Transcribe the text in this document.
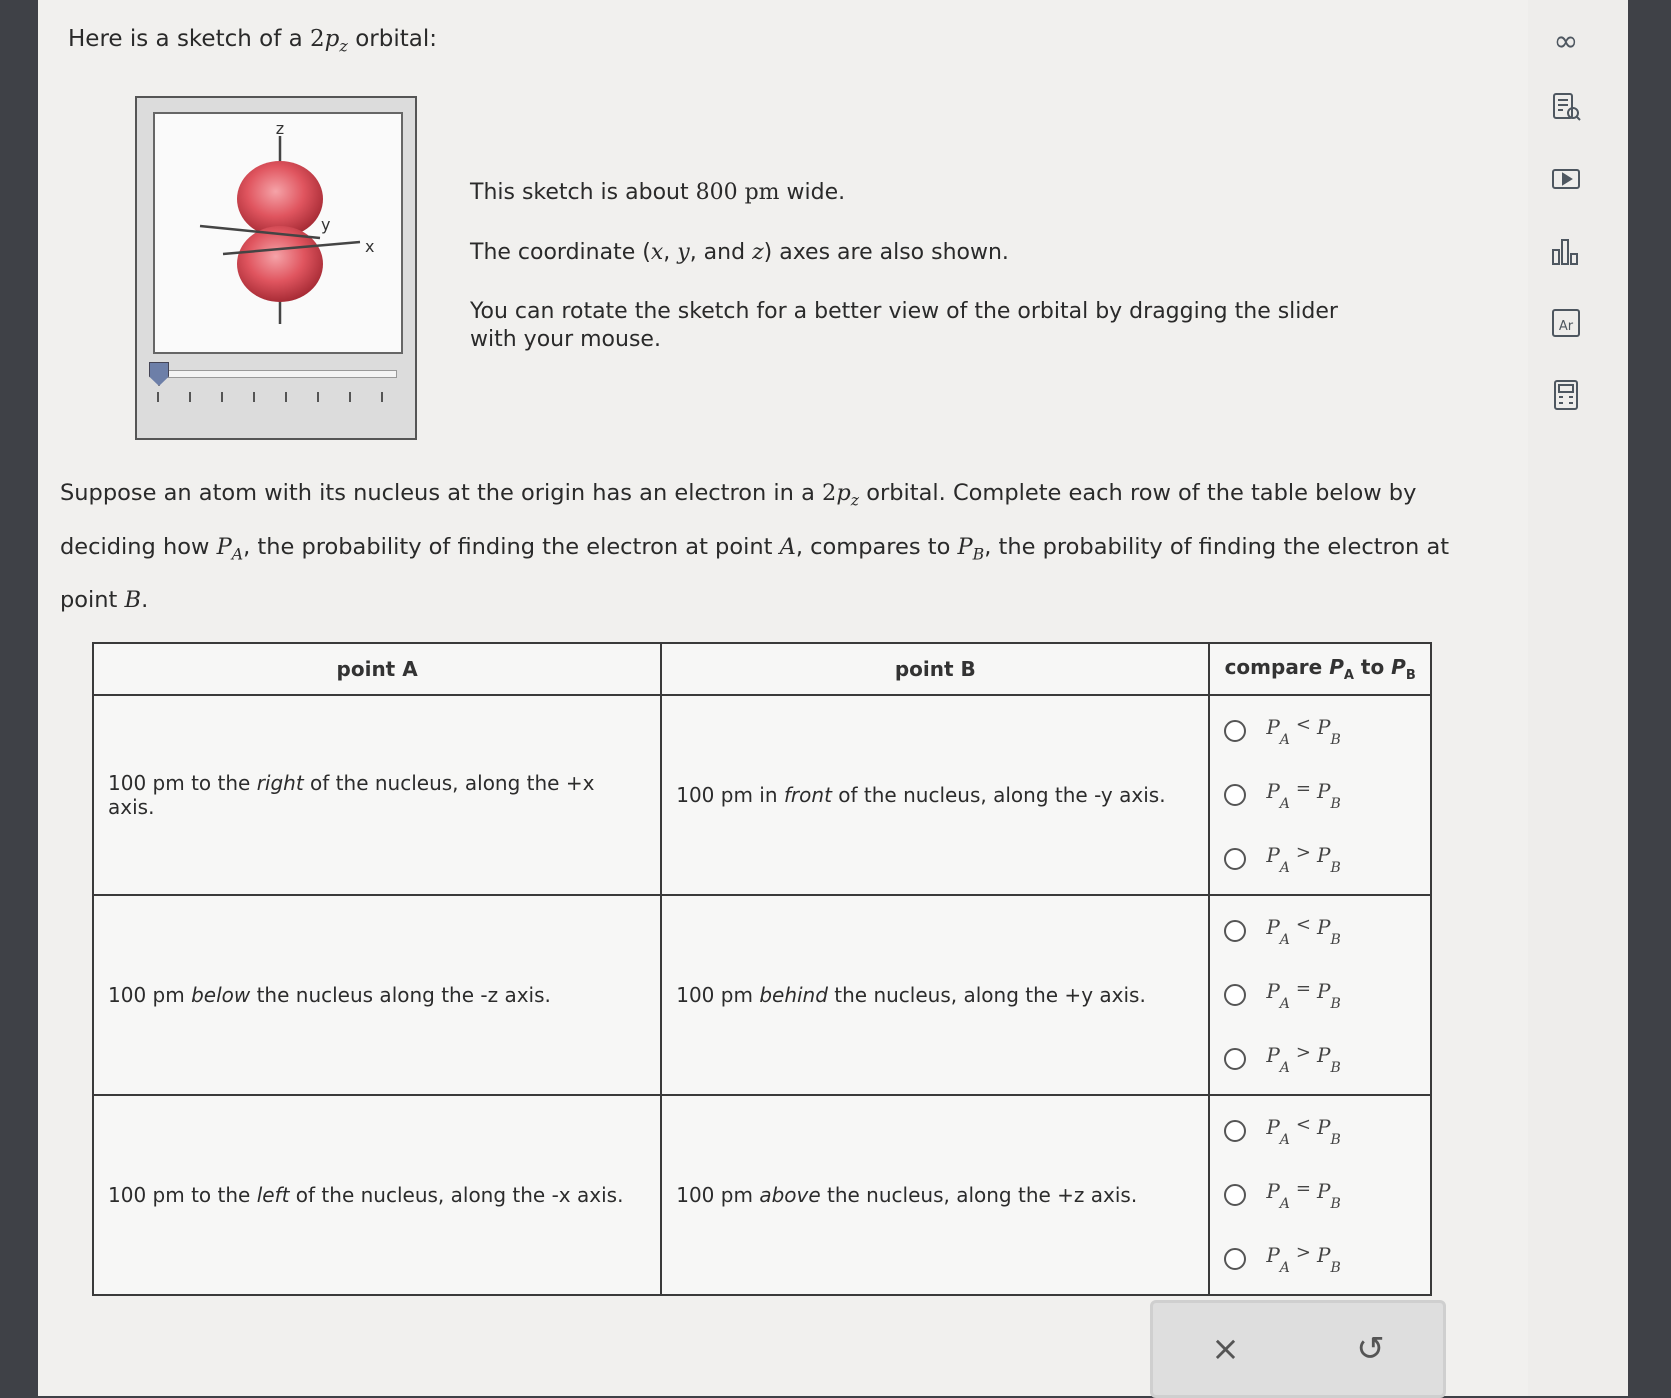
∞
Ar

Here is a sketch of a $2p_z$ orbital:

z
y
x

This sketch is about 800 pm wide.

The coordinate (x, y, and z) axes are also shown.

You can rotate the sketch for a better view of the orbital by dragging the slider with your mouse.

Suppose an atom with its nucleus at the origin has an electron in a $2p_z$ orbital. Complete each row of the table below by deciding how $P_A$, the probability of finding the electron at point A, compares to $P_B$, the probability of finding the electron at point B.

point A	point B	compare $P_A$ to $P_B$
100 pm to the right of the nucleus, along the +x axis.	100 pm in front of the nucleus, along the -y axis.	$P_A< P_B$
$P_A= P_B$
$P_A> P_B$

100 pm below the nucleus along the -z axis.	100 pm behind the nucleus, along the +y axis.	$P_A< P_B$
$P_A= P_B$
$P_A> P_B$

100 pm to the left of the nucleus, along the -x axis.	100 pm above the nucleus, along the +z axis.	$P_A< P_B$
$P_A= P_B$
$P_A> P_B$
×	↺
